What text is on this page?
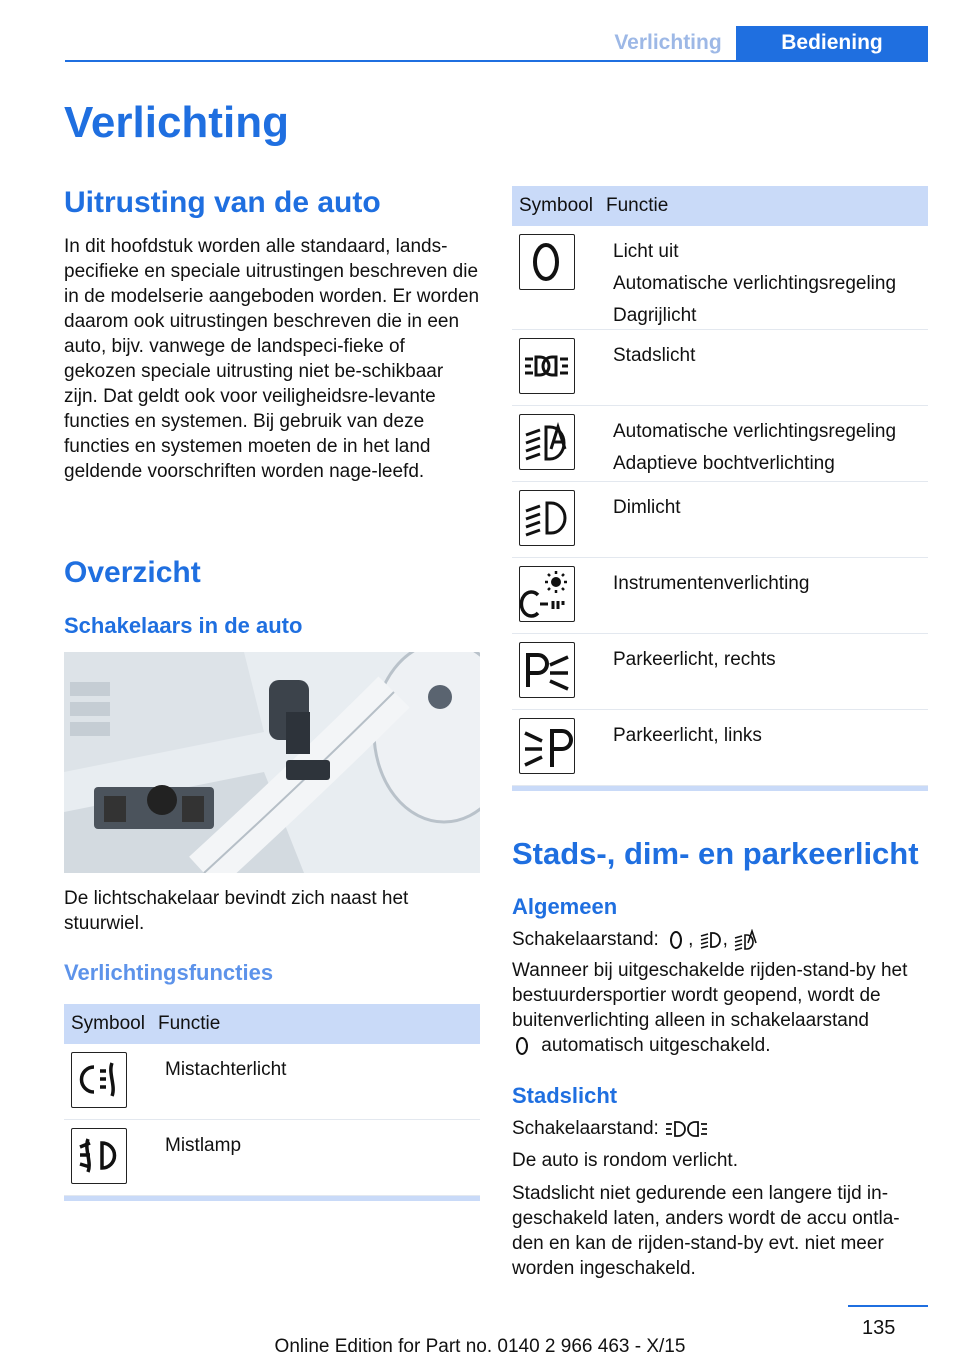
Verlichting	Bediening
Verlichting
Uitrusting van de auto
In dit hoofdstuk worden alle standaard, lands-pecifieke en speciale uitrustingen beschreven die in de modelserie aangeboden worden. Er worden daarom ook uitrustingen beschreven die in een auto, bijv. vanwege de landspeci-fieke of gekozen speciale uitrusting niet be-schikbaar zijn. Dat geldt ook voor veiligheidsre-levante functies en systemen. Bij gebruik van deze functies en systemen moeten de in het land geldende voorschriften worden nage-leefd.
Overzicht
Schakelaars in de auto
De lichtschakelaar bevindt zich naast het stuurwiel.
Verlichtingsfuncties
Symbool Functie
Mistachterlicht
Mistlamp
Symbool Functie
Licht uit
Automatische verlichtingsregeling
Dagrijlicht
Stadslicht
Automatische verlichtingsregeling
Adaptieve bochtverlichting
Dimlicht
Instrumentenverlichting
Parkeerlicht, rechts
Parkeerlicht, links
Stads-, dim- en parkeerlicht
Algemeen
Schakelaarstand: , ,
Wanneer bij uitgeschakelde rijden-stand-by het bestuurdersportier wordt geopend, wordt de buitenverlichting alleen in schakelaarstand
automatisch uitgeschakeld.
Stadslicht
Schakelaarstand:
De auto is rondom verlicht.
Stadslicht niet gedurende een langere tijd in-geschakeld laten, anders wordt de accu ontla-den en kan de rijden-stand-by evt. niet meer worden ingeschakeld.
135
Online Edition for Part no. 0140 2 966 463 - X/15
